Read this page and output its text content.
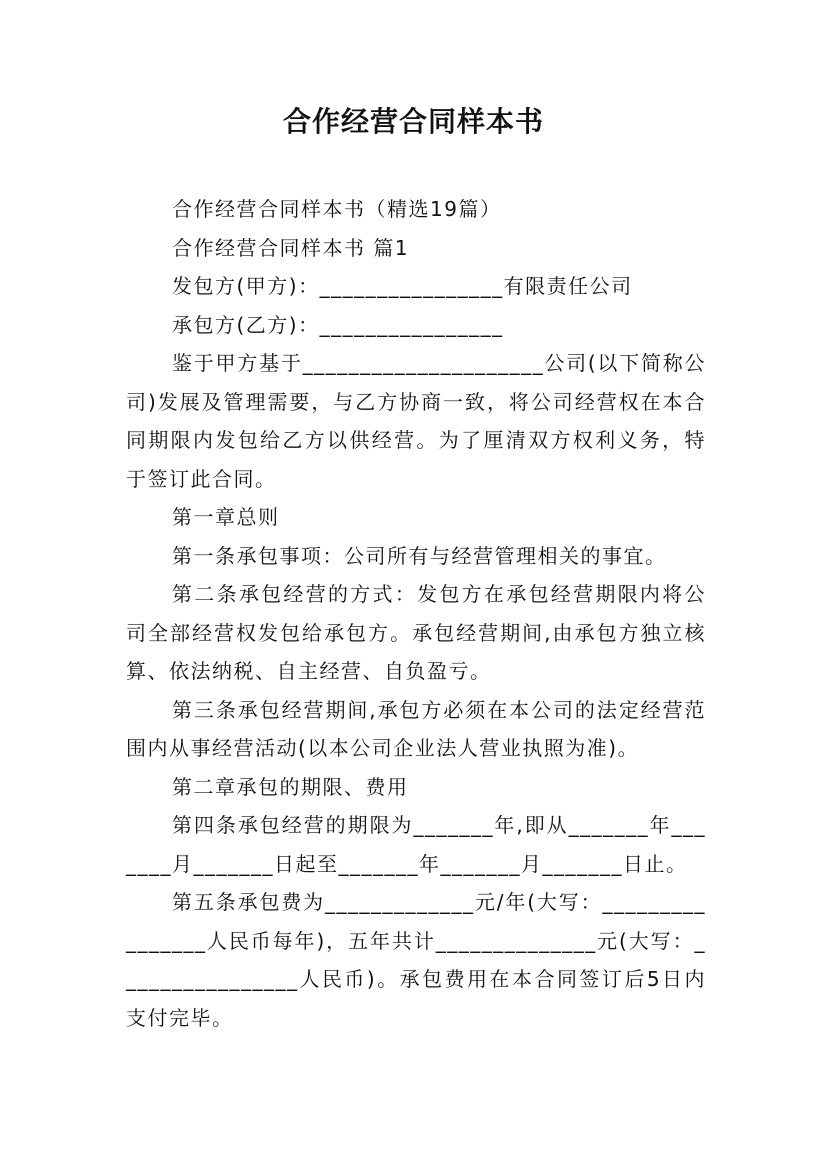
合作经营合同样本书

合作经营合同样本书（精选19篇）

合作经营合同样本书 篇1

发包方(甲方)：________________有限责任公司

承包方(乙方)：________________

鉴于甲方基于_____________________公司(以下简称公司)发展及管理需要，与乙方协商一致，将公司经营权在本合同期限内发包给乙方以供经营。为了厘清双方权利义务，特于签订此合同。

第一章总则

第一条承包事项：公司所有与经营管理相关的事宜。

第二条承包经营的方式：发包方在承包经营期限内将公司全部经营权发包给承包方。承包经营期间,由承包方独立核算、依法纳税、自主经营、自负盈亏。

第三条承包经营期间,承包方必须在本公司的法定经营范围内从事经营活动(以本公司企业法人营业执照为准)。

第二章承包的期限、费用

第四条承包经营的期限为_______年,即从_______年_______月_______日起至_______年_______月_______日止。

第五条承包费为_____________元/年(大写：________________人民币每年)，五年共计______________元(大写：________________人民币)。承包费用在本合同签订后5日内支付完毕。
